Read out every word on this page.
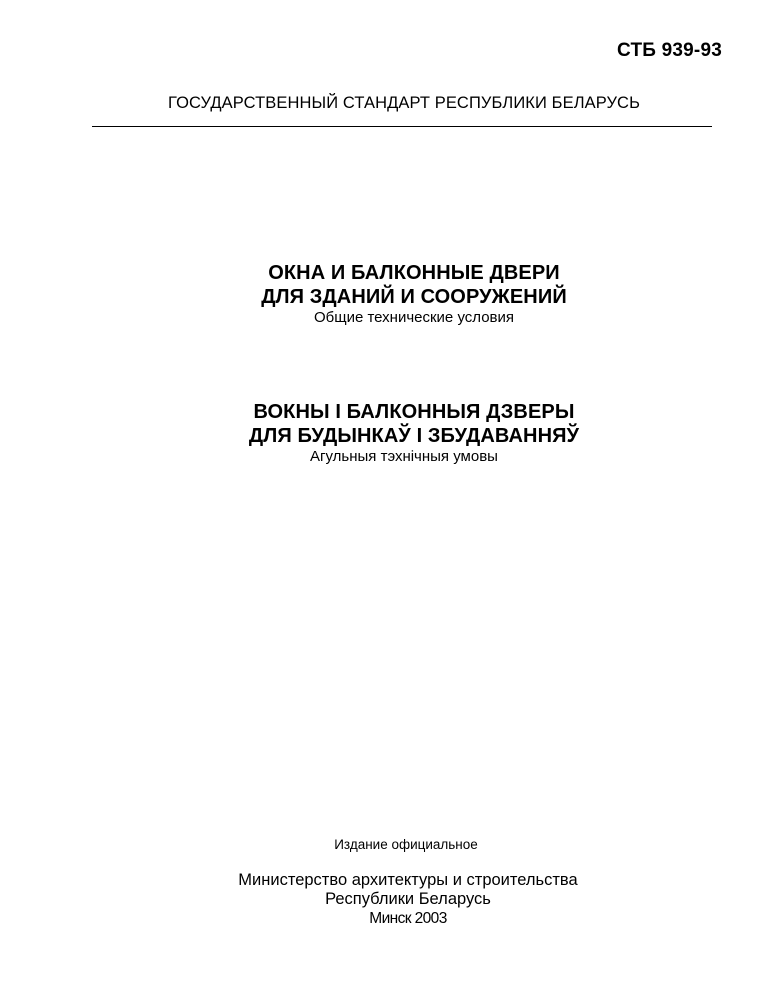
СТБ 939-93
ГОСУДАРСТВЕННЫЙ СТАНДАРТ РЕСПУБЛИКИ БЕЛАРУСЬ
ОКНА И БАЛКОННЫЕ ДВЕРИ
ДЛЯ ЗДАНИЙ И СООРУЖЕНИЙ
Общие технические условия
ВОКНЫ І БАЛКОННЫЯ ДЗВЕРЫ
ДЛЯ БУДЫНКАЎ І ЗБУДАВАННЯЎ
Агульныя тэхнічныя умовы
Издание официальное
Министерство архитектуры и строительства
Республики Беларусь
Минск 2003
